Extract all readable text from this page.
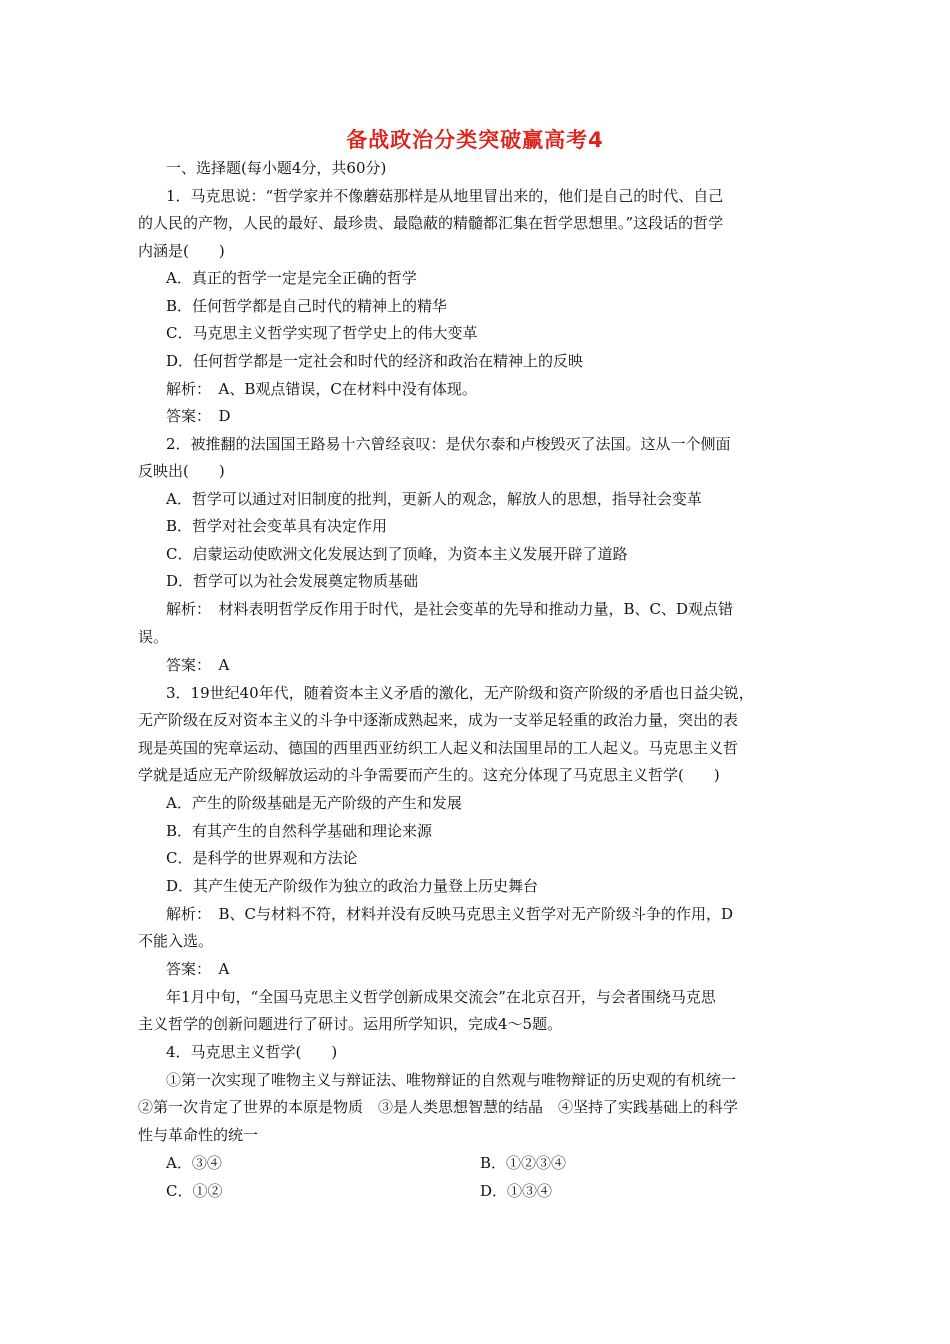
备战政治分类突破赢高考4
一、选择题(每小题4分，共60分)
1．马克思说：“哲学家并不像蘑菇那样是从地里冒出来的，他们是自己的时代、自己
的人民的产物，人民的最好、最珍贵、最隐蔽的精髓都汇集在哲学思想里。”这段话的哲学
内涵是(　　)
A．真正的哲学一定是完全正确的哲学
B．任何哲学都是自己时代的精神上的精华
C．马克思主义哲学实现了哲学史上的伟大变革
D．任何哲学都是一定社会和时代的经济和政治在精神上的反映
解析：　A、B观点错误，C在材料中没有体现。
答案：　D
2．被推翻的法国国王路易十六曾经哀叹：是伏尔泰和卢梭毁灭了法国。这从一个侧面
反映出(　　)
A．哲学可以通过对旧制度的批判，更新人的观念，解放人的思想，指导社会变革
B．哲学对社会变革具有决定作用
C．启蒙运动使欧洲文化发展达到了顶峰，为资本主义发展开辟了道路
D．哲学可以为社会发展奠定物质基础
解析：　材料表明哲学反作用于时代，是社会变革的先导和推动力量，B、C、D观点错
误。
答案：　A
3．19世纪40年代，随着资本主义矛盾的激化，无产阶级和资产阶级的矛盾也日益尖锐，
无产阶级在反对资本主义的斗争中逐渐成熟起来，成为一支举足轻重的政治力量，突出的表
现是英国的宪章运动、德国的西里西亚纺织工人起义和法国里昂的工人起义。马克思主义哲
学就是适应无产阶级解放运动的斗争需要而产生的。这充分体现了马克思主义哲学(　　)
A．产生的阶级基础是无产阶级的产生和发展
B．有其产生的自然科学基础和理论来源
C．是科学的世界观和方法论
D．其产生使无产阶级作为独立的政治力量登上历史舞台
解析：　B、C与材料不符，材料并没有反映马克思主义哲学对无产阶级斗争的作用，D
不能入选。
答案：　A
年1月中旬，“全国马克思主义哲学创新成果交流会”在北京召开，与会者围绕马克思
主义哲学的创新问题进行了研讨。运用所学知识，完成4～5题。
4．马克思主义哲学(　　)
①第一次实现了唯物主义与辩证法、唯物辩证的自然观与唯物辩证的历史观的有机统一
②第一次肯定了世界的本原是物质　③是人类思想智慧的结晶　④坚持了实践基础上的科学
性与革命性的统一
A．③④	B．①②③④
C．①②	D．①③④
